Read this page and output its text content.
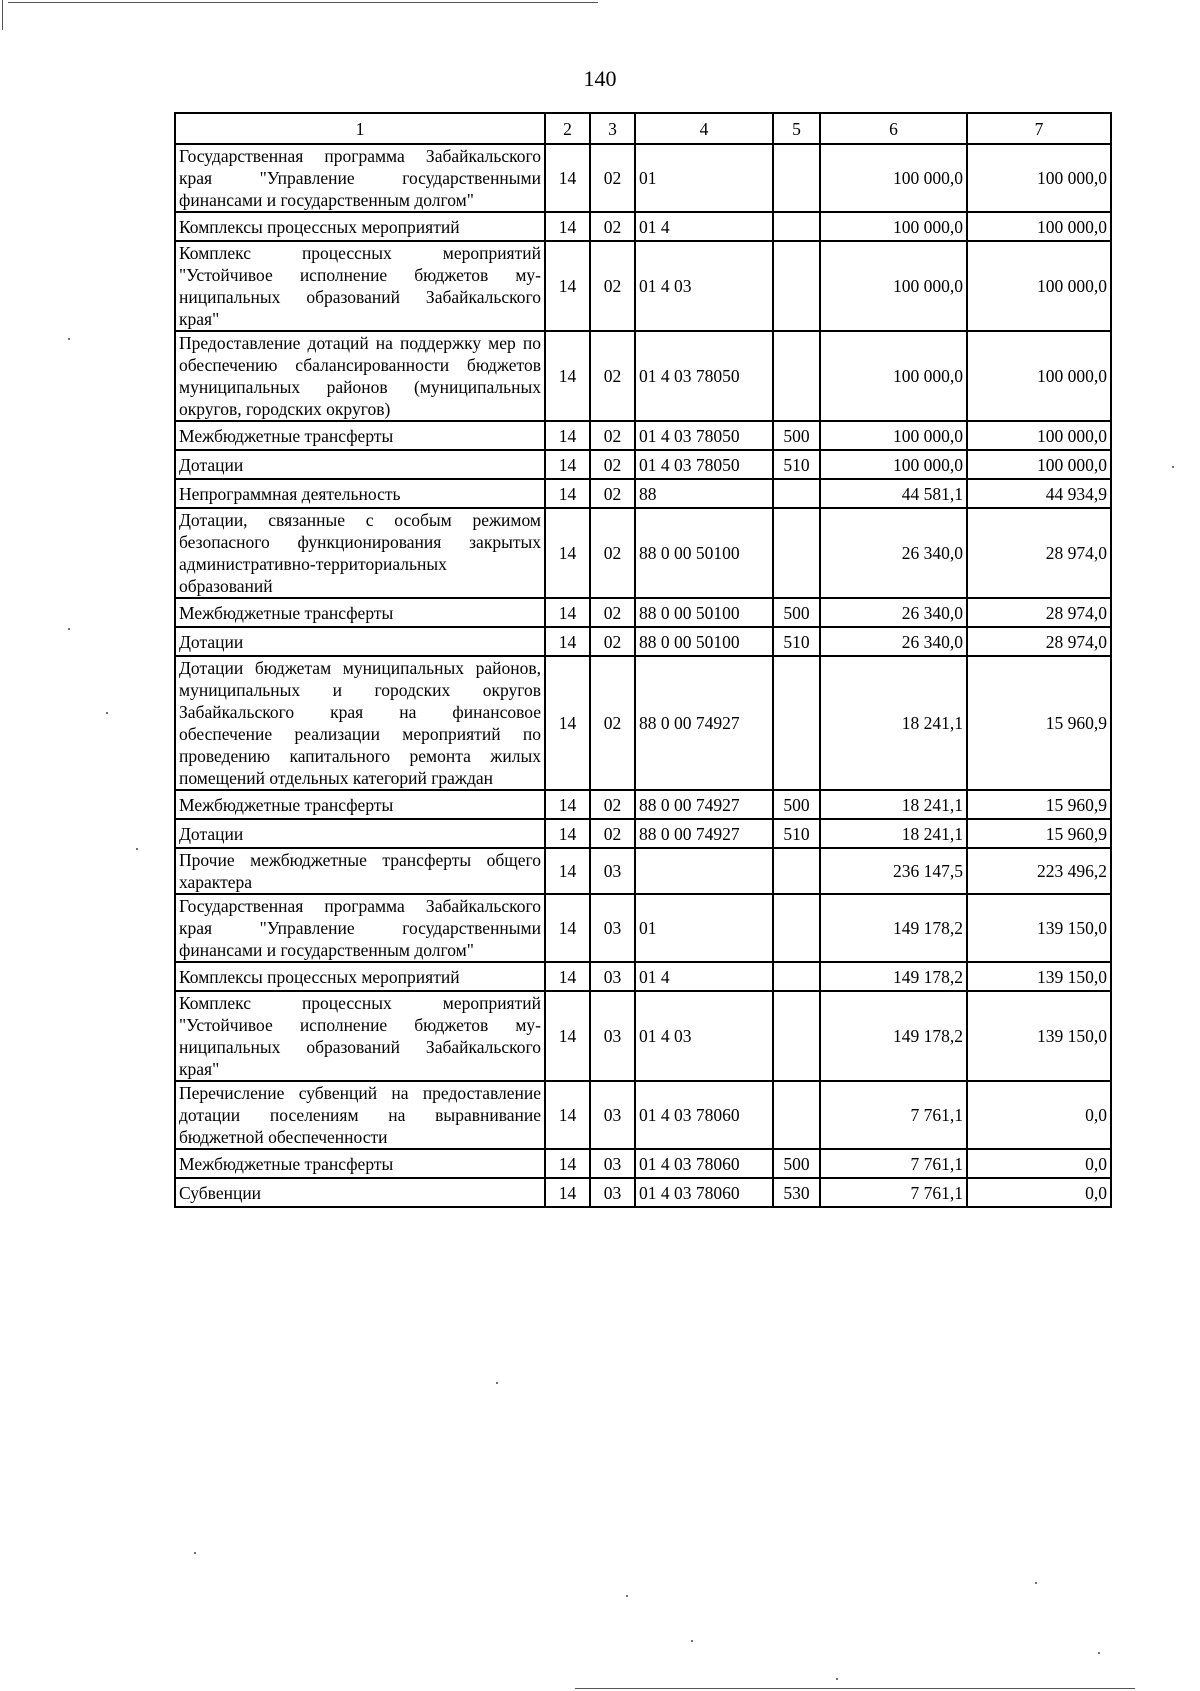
140
1	2	3	4	5	6	7
Государственная программа Забайкальского края "Управление государственными финансами и государственным долгом"	14	02	01		100 000,0	100 000,0
Комплексы процессных мероприятий	14	02	01 4		100 000,0	100 000,0
Комплекс процессных мероприятий "Устойчивое исполнение бюджетов муниципальных образований Забайкальского края"	14	02	01 4 03		100 000,0	100 000,0
Предоставление дотаций на поддержку мер по обеспечению сбалансированности бюджетов муниципальных районов (муниципальных округов, городских округов)	14	02	01 4 03 78050		100 000,0	100 000,0
Межбюджетные трансферты	14	02	01 4 03 78050	500	100 000,0	100 000,0
Дотации	14	02	01 4 03 78050	510	100 000,0	100 000,0
Непрограммная деятельность	14	02	88		44 581,1	44 934,9
Дотации, связанные с особым режимом безопасного функционирования закрытых административно-территориальных образований	14	02	88 0 00 50100		26 340,0	28 974,0
Межбюджетные трансферты	14	02	88 0 00 50100	500	26 340,0	28 974,0
Дотации	14	02	88 0 00 50100	510	26 340,0	28 974,0
Дотации бюджетам муниципальных районов, муниципальных и городских округов Забайкальского края на финансовое обеспечение реализации мероприятий по проведению капитального ремонта жилых помещений отдельных категорий граждан	14	02	88 0 00 74927		18 241,1	15 960,9
Межбюджетные трансферты	14	02	88 0 00 74927	500	18 241,1	15 960,9
Дотации	14	02	88 0 00 74927	510	18 241,1	15 960,9
Прочие межбюджетные трансферты общего характера	14	03			236 147,5	223 496,2
Государственная программа Забайкальского края "Управление государственными финансами и государственным долгом"	14	03	01		149 178,2	139 150,0
Комплексы процессных мероприятий	14	03	01 4		149 178,2	139 150,0
Комплекс процессных мероприятий "Устойчивое исполнение бюджетов муниципальных образований Забайкальского края"	14	03	01 4 03		149 178,2	139 150,0
Перечисление субвенций на предоставление дотации поселениям на выравнивание бюджетной обеспеченности	14	03	01 4 03 78060		7 761,1	0,0
Межбюджетные трансферты	14	03	01 4 03 78060	500	7 761,1	0,0
Субвенции	14	03	01 4 03 78060	530	7 761,1	0,0
